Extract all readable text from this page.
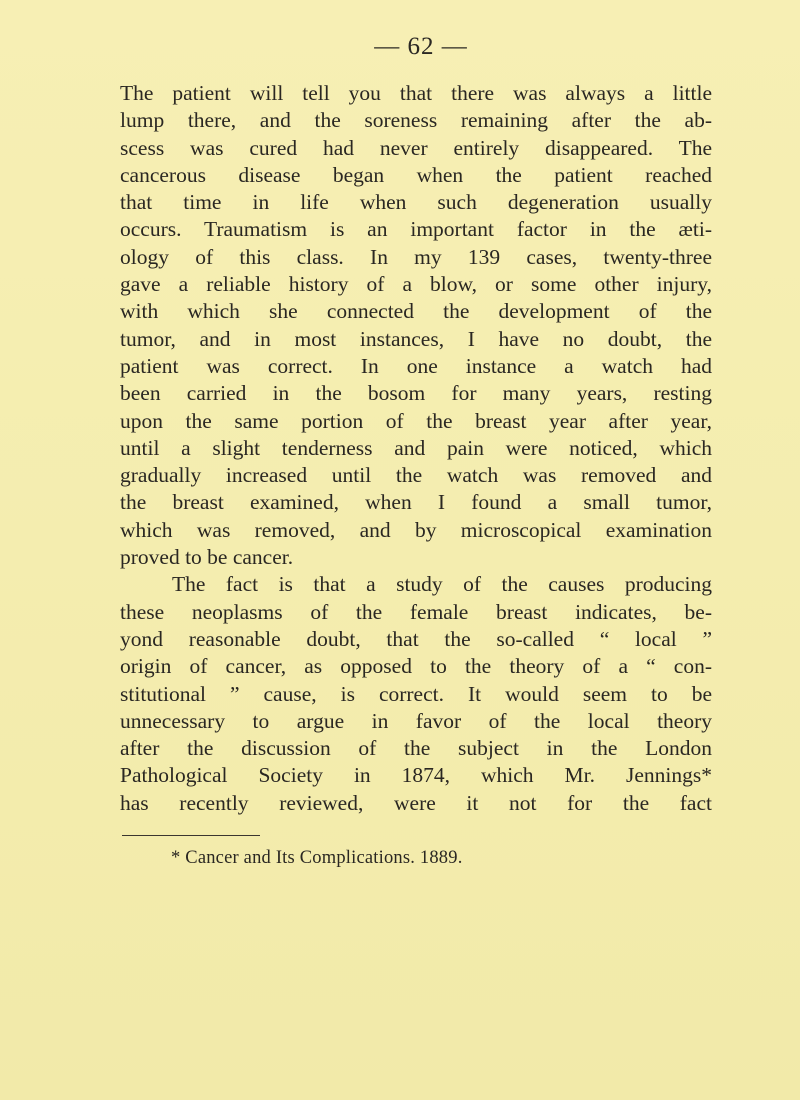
— 62 —
The patient will tell you that there was always a little
lump there, and the soreness remaining after the ab-
scess was cured had never entirely disappeared. The
cancerous disease began when the patient reached
that time in life when such degeneration usually
occurs. Traumatism is an important factor in the æti-
ology of this class. In my 139 cases, twenty-three
gave a reliable history of a blow, or some other injury,
with which she connected the development of the
tumor, and in most instances, I have no doubt, the
patient was correct. In one instance a watch had
been carried in the bosom for many years, resting
upon the same portion of the breast year after year,
until a slight tenderness and pain were noticed, which
gradually increased until the watch was removed and
the breast examined, when I found a small tumor,
which was removed, and by microscopical examination
proved to be cancer.
The fact is that a study of the causes producing
these neoplasms of the female breast indicates, be-
yond reasonable doubt, that the so-called “ local ”
origin of cancer, as opposed to the theory of a “ con-
stitutional ” cause, is correct. It would seem to be
unnecessary to argue in favor of the local theory
after the discussion of the subject in the London
Pathological Society in 1874, which Mr. Jennings*
has recently reviewed, were it not for the fact
* Cancer and Its Complications. 1889.
